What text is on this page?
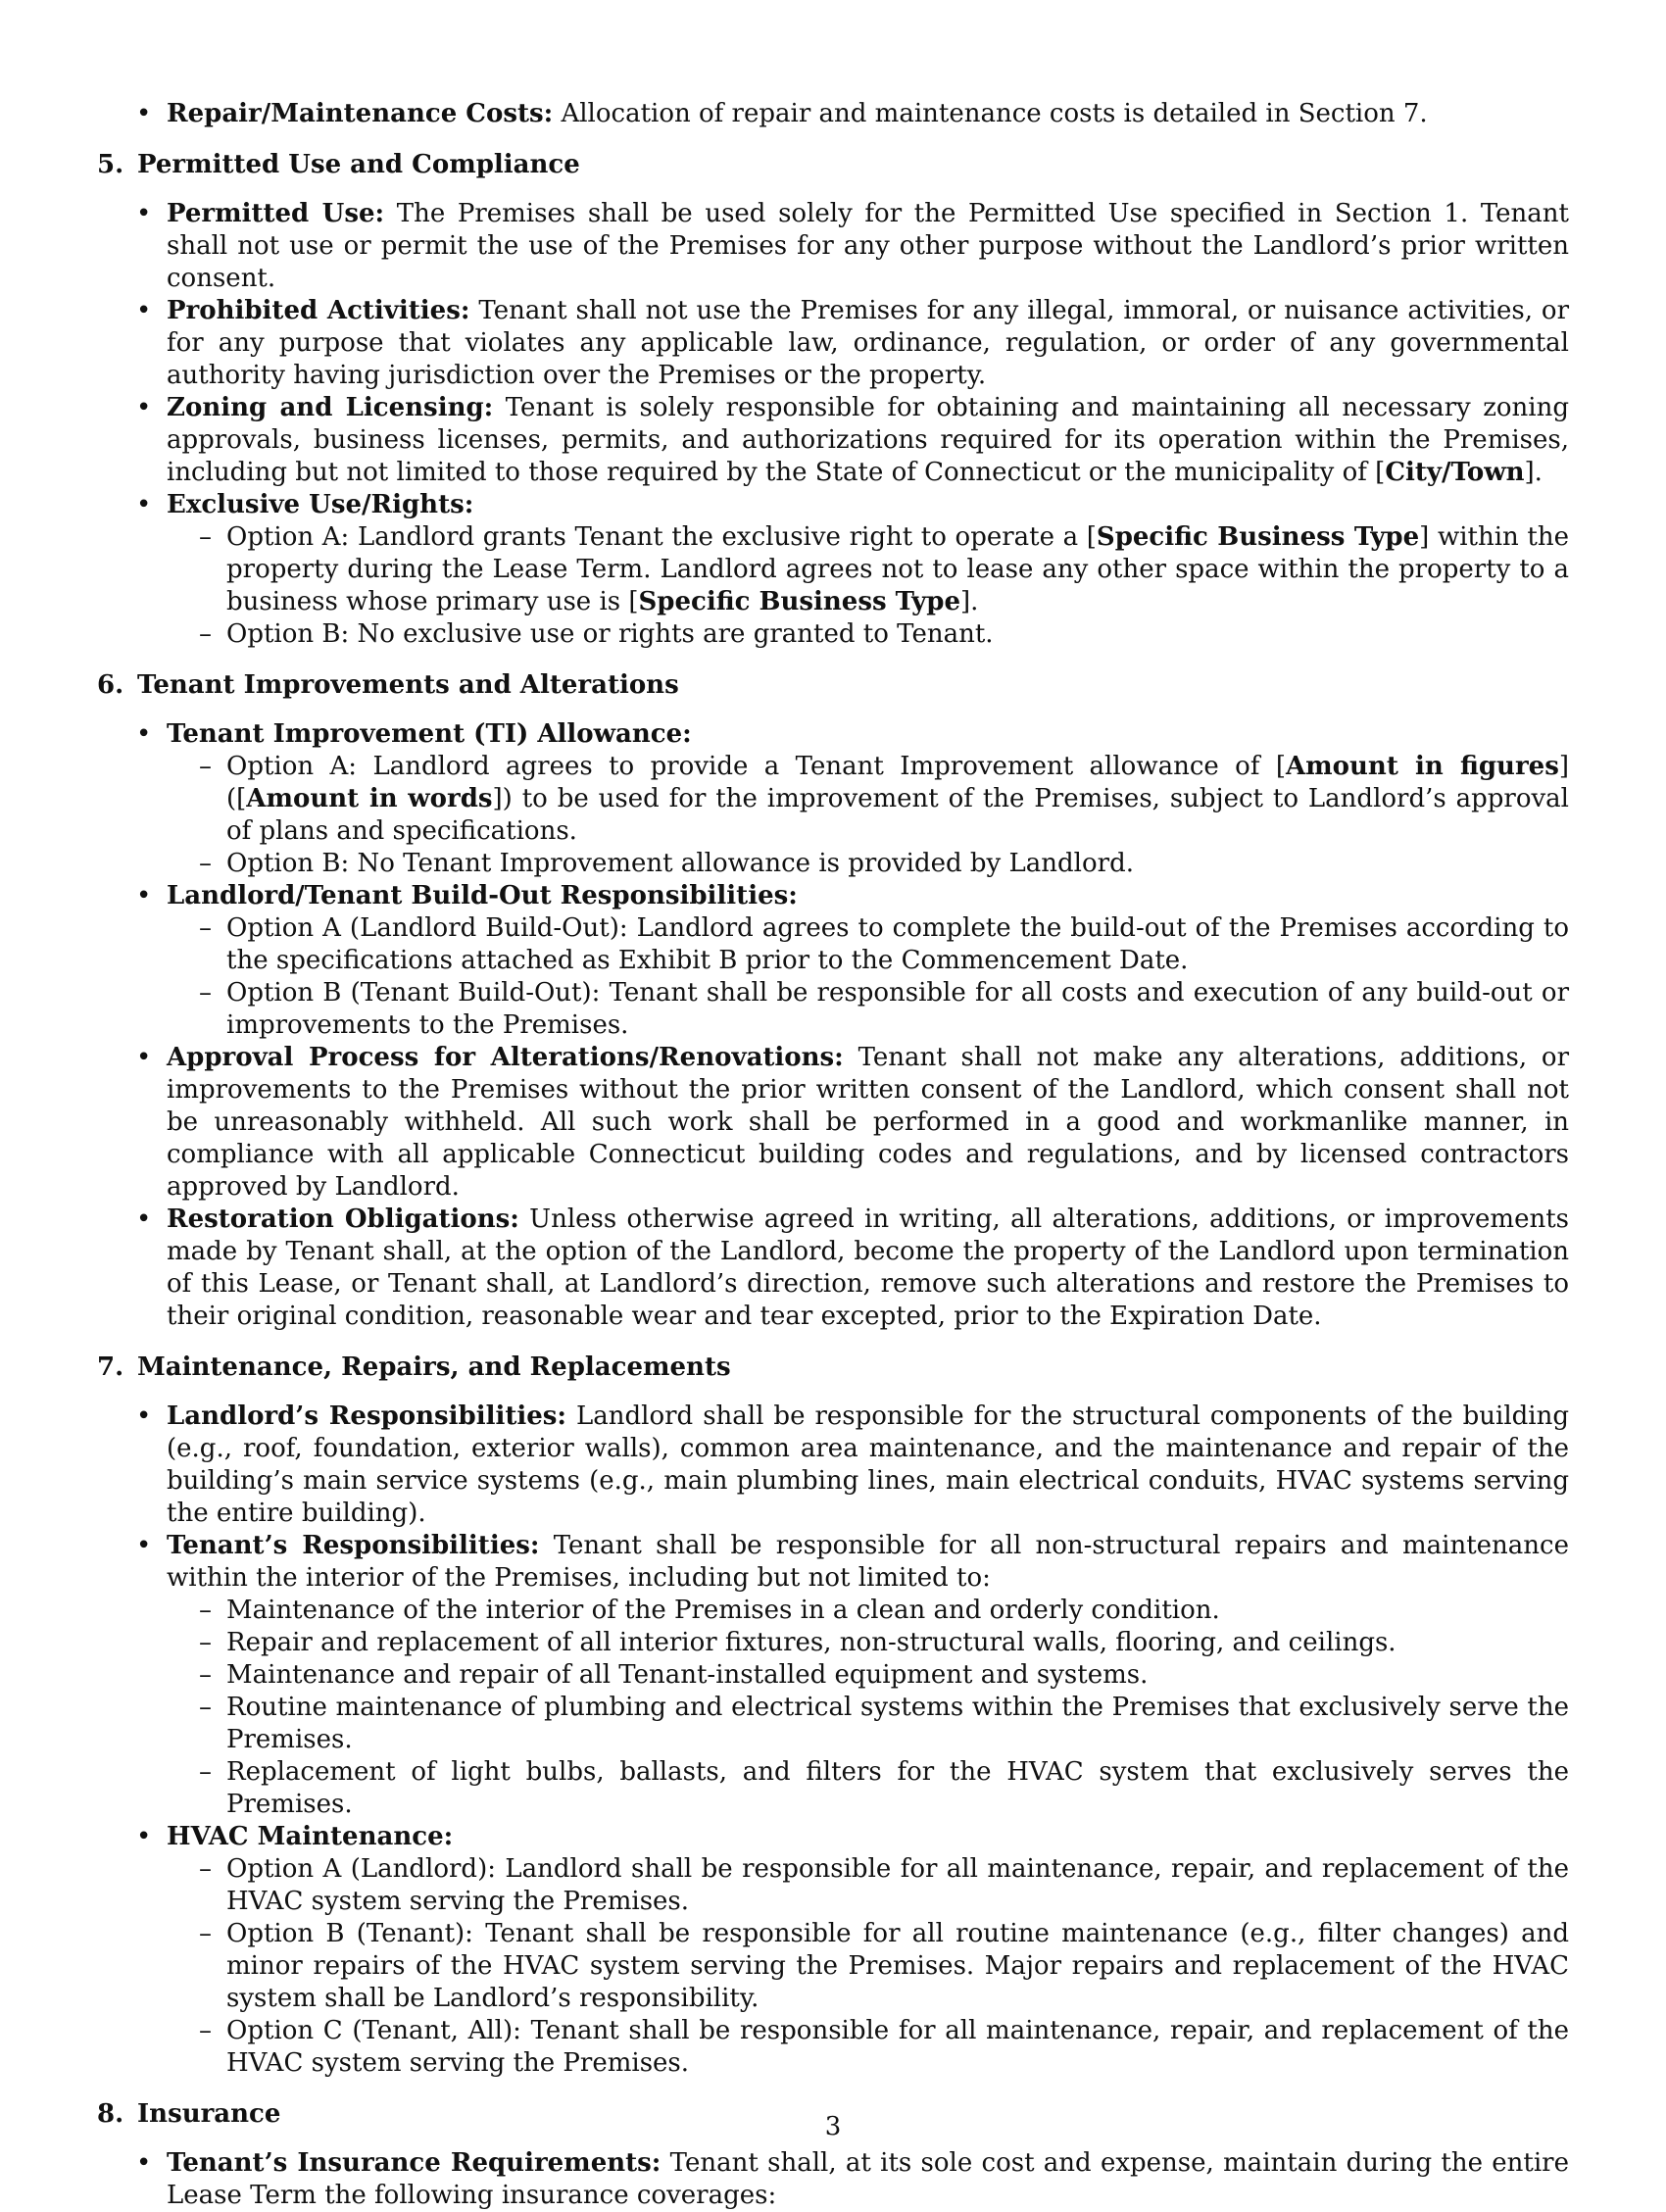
• Repair/Maintenance Costs: Allocation of repair and maintenance costs is detailed in Section 7.
5. Permitted Use and Compliance
• Permitted Use: The Premises shall be used solely for the Permitted Use specified in Section 1. Tenant shall not use or permit the use of the Premises for any other purpose without the Landlord’s prior written consent.
• Prohibited Activities: Tenant shall not use the Premises for any illegal, immoral, or nuisance activities, or for any purpose that violates any applicable law, ordinance, regulation, or order of any governmental authority having jurisdiction over the Premises or the property.
• Zoning and Licensing: Tenant is solely responsible for obtaining and maintaining all necessary zoning approvals, business licenses, permits, and authorizations required for its operation within the Premises, including but not limited to those required by the State of Connecticut or the municipality of [City/Town].
• Exclusive Use/Rights:
– Option A: Landlord grants Tenant the exclusive right to operate a [Specific Business Type] within the property during the Lease Term. Landlord agrees not to lease any other space within the property to a business whose primary use is [Specific Business Type].
– Option B: No exclusive use or rights are granted to Tenant.
6. Tenant Improvements and Alterations
• Tenant Improvement (TI) Allowance:
– Option A: Landlord agrees to provide a Tenant Improvement allowance of [Amount in figures] ([Amount in words]) to be used for the improvement of the Premises, subject to Landlord’s approval of plans and specifications.
– Option B: No Tenant Improvement allowance is provided by Landlord.
• Landlord/Tenant Build-Out Responsibilities:
– Option A (Landlord Build-Out): Landlord agrees to complete the build-out of the Premises according to the specifications attached as Exhibit B prior to the Commencement Date.
– Option B (Tenant Build-Out): Tenant shall be responsible for all costs and execution of any build-out or improvements to the Premises.
• Approval Process for Alterations/Renovations: Tenant shall not make any alterations, additions, or improvements to the Premises without the prior written consent of the Landlord, which consent shall not be unreasonably withheld. All such work shall be performed in a good and workmanlike manner, in compliance with all applicable Connecticut building codes and regulations, and by licensed contractors approved by Landlord.
• Restoration Obligations: Unless otherwise agreed in writing, all alterations, additions, or improvements made by Tenant shall, at the option of the Landlord, become the property of the Landlord upon termination of this Lease, or Tenant shall, at Landlord’s direction, remove such alterations and restore the Premises to their original condition, reasonable wear and tear excepted, prior to the Expiration Date.
7. Maintenance, Repairs, and Replacements
• Landlord’s Responsibilities: Landlord shall be responsible for the structural components of the building (e.g., roof, foundation, exterior walls), common area maintenance, and the maintenance and repair of the building’s main service systems (e.g., main plumbing lines, main electrical conduits, HVAC systems serving the entire building).
• Tenant’s Responsibilities: Tenant shall be responsible for all non-structural repairs and maintenance within the interior of the Premises, including but not limited to:
– Maintenance of the interior of the Premises in a clean and orderly condition.
– Repair and replacement of all interior fixtures, non-structural walls, flooring, and ceilings.
– Maintenance and repair of all Tenant-installed equipment and systems.
– Routine maintenance of plumbing and electrical systems within the Premises that exclusively serve the Premises.
– Replacement of light bulbs, ballasts, and filters for the HVAC system that exclusively serves the Premises.
• HVAC Maintenance:
– Option A (Landlord): Landlord shall be responsible for all maintenance, repair, and replacement of the HVAC system serving the Premises.
– Option B (Tenant): Tenant shall be responsible for all routine maintenance (e.g., filter changes) and minor repairs of the HVAC system serving the Premises. Major repairs and replacement of the HVAC system shall be Landlord’s responsibility.
– Option C (Tenant, All): Tenant shall be responsible for all maintenance, repair, and replacement of the HVAC system serving the Premises.
8. Insurance
• Tenant’s Insurance Requirements: Tenant shall, at its sole cost and expense, maintain during the entire Lease Term the following insurance coverages:
3
